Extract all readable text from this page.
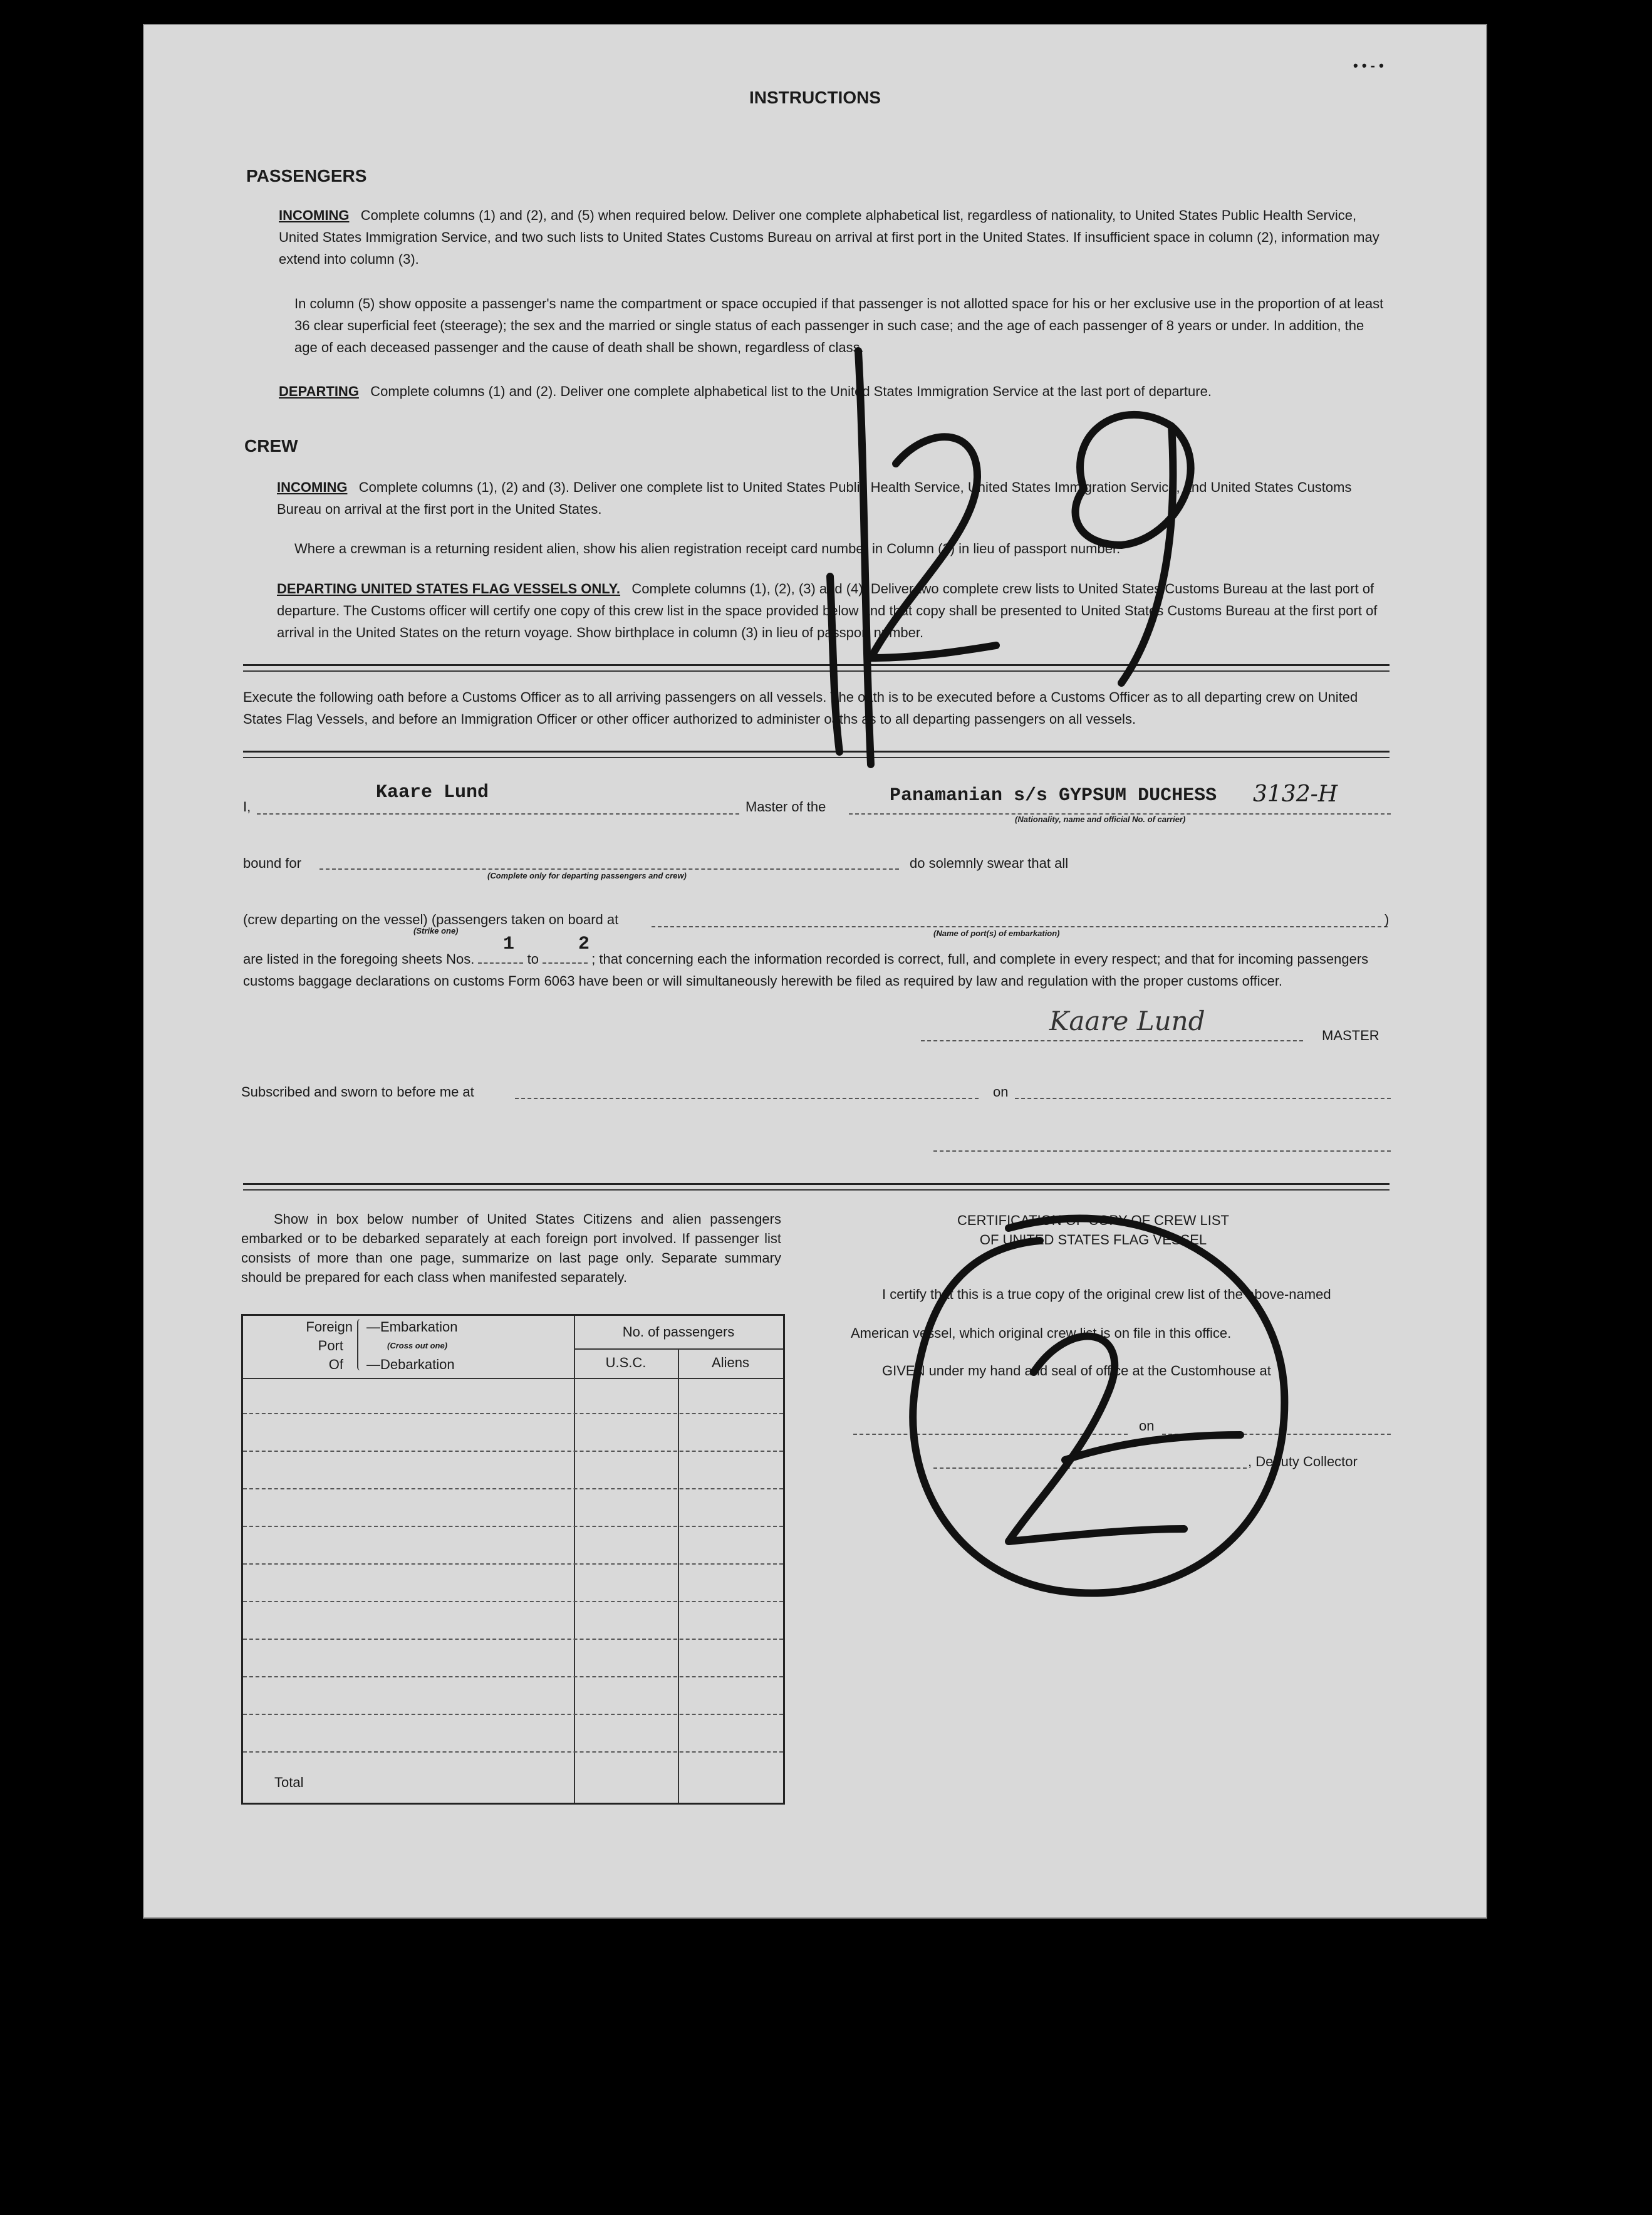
• • - •
INSTRUCTIONS
PASSENGERS
INCOMING Complete columns (1) and (2), and (5) when required below. Deliver one complete alphabetical list, regardless of nationality, to United States Public Health Service, United States Immigration Service, and two such lists to United States Customs Bureau on arrival at first port in the United States. If insufficient space in column (2), information may extend into column (3).
In column (5) show opposite a passenger's name the compartment or space occupied if that passenger is not allotted space for his or her exclusive use in the proportion of at least 36 clear superficial feet (steerage); the sex and the married or single status of each passenger in such case; and the age of each passenger of 8 years or under. In addition, the age of each deceased passenger and the cause of death shall be shown, regardless of class.
DEPARTING Complete columns (1) and (2). Deliver one complete alphabetical list to the United States Immigration Service at the last port of departure.
CREW
INCOMING Complete columns (1), (2) and (3). Deliver one complete list to United States Public Health Service, United States Immigration Service, and United States Customs Bureau on arrival at the first port in the United States.
Where a crewman is a returning resident alien, show his alien registration receipt card number in Column (2) in lieu of passport number.
DEPARTING UNITED STATES FLAG VESSELS ONLY. Complete columns (1), (2), (3) and (4). Deliver two complete crew lists to United States Customs Bureau at the last port of departure. The Customs officer will certify one copy of this crew list in the space provided below and that copy shall be presented to United States Customs Bureau at the first port of arrival in the United States on the return voyage. Show birthplace in column (3) in lieu of passport number.
Execute the following oath before a Customs Officer as to all arriving passengers on all vessels. The oath is to be executed before a Customs Officer as to all departing crew on United States Flag Vessels, and before an Immigration Officer or other officer authorized to administer oaths as to all departing passengers on all vessels.
I,
Kaare Lund
Master of the
Panamanian s/s GYPSUM DUCHESS 3132-H
(Nationality, name and official No. of carrier)
bound for
(Complete only for departing passengers and crew)
do solemnly swear that all
(crew departing on the vessel) (passengers taken on board at
(Strike one)	(Name of port(s) of embarkation)
)
are listed in the foregoing sheets Nos.	to	; that concerning each the information recorded is correct, full, and complete in every respect; and that for incoming passengers customs baggage declarations on customs Form 6063 have been or will simultaneously herewith be filed as required by law and regulation with the proper customs officer.
1	2
Kaare Lund	MASTER
Subscribed and sworn to before me at	on
Show in box below number of United States Citizens and alien passengers embarked or to be debarked separately at each foreign port involved. If passenger list consists of more than one page, summarize on last page only. Separate summary should be prepared for each class when manifested separately.
Foreign
Port
Of
—Embarkation
(Cross out one)
—Debarkation
No. of passengers
U.S.C.	Aliens
Total
CERTIFICATION OF COPY OF CREW LIST
OF UNITED STATES FLAG VESSEL
I certify that this is a true copy of the original crew list of the above-named
American vessel, which original crew list is on file in this office.
GIVEN under my hand and seal of office at the Customhouse at
on
, Deputy Collector
